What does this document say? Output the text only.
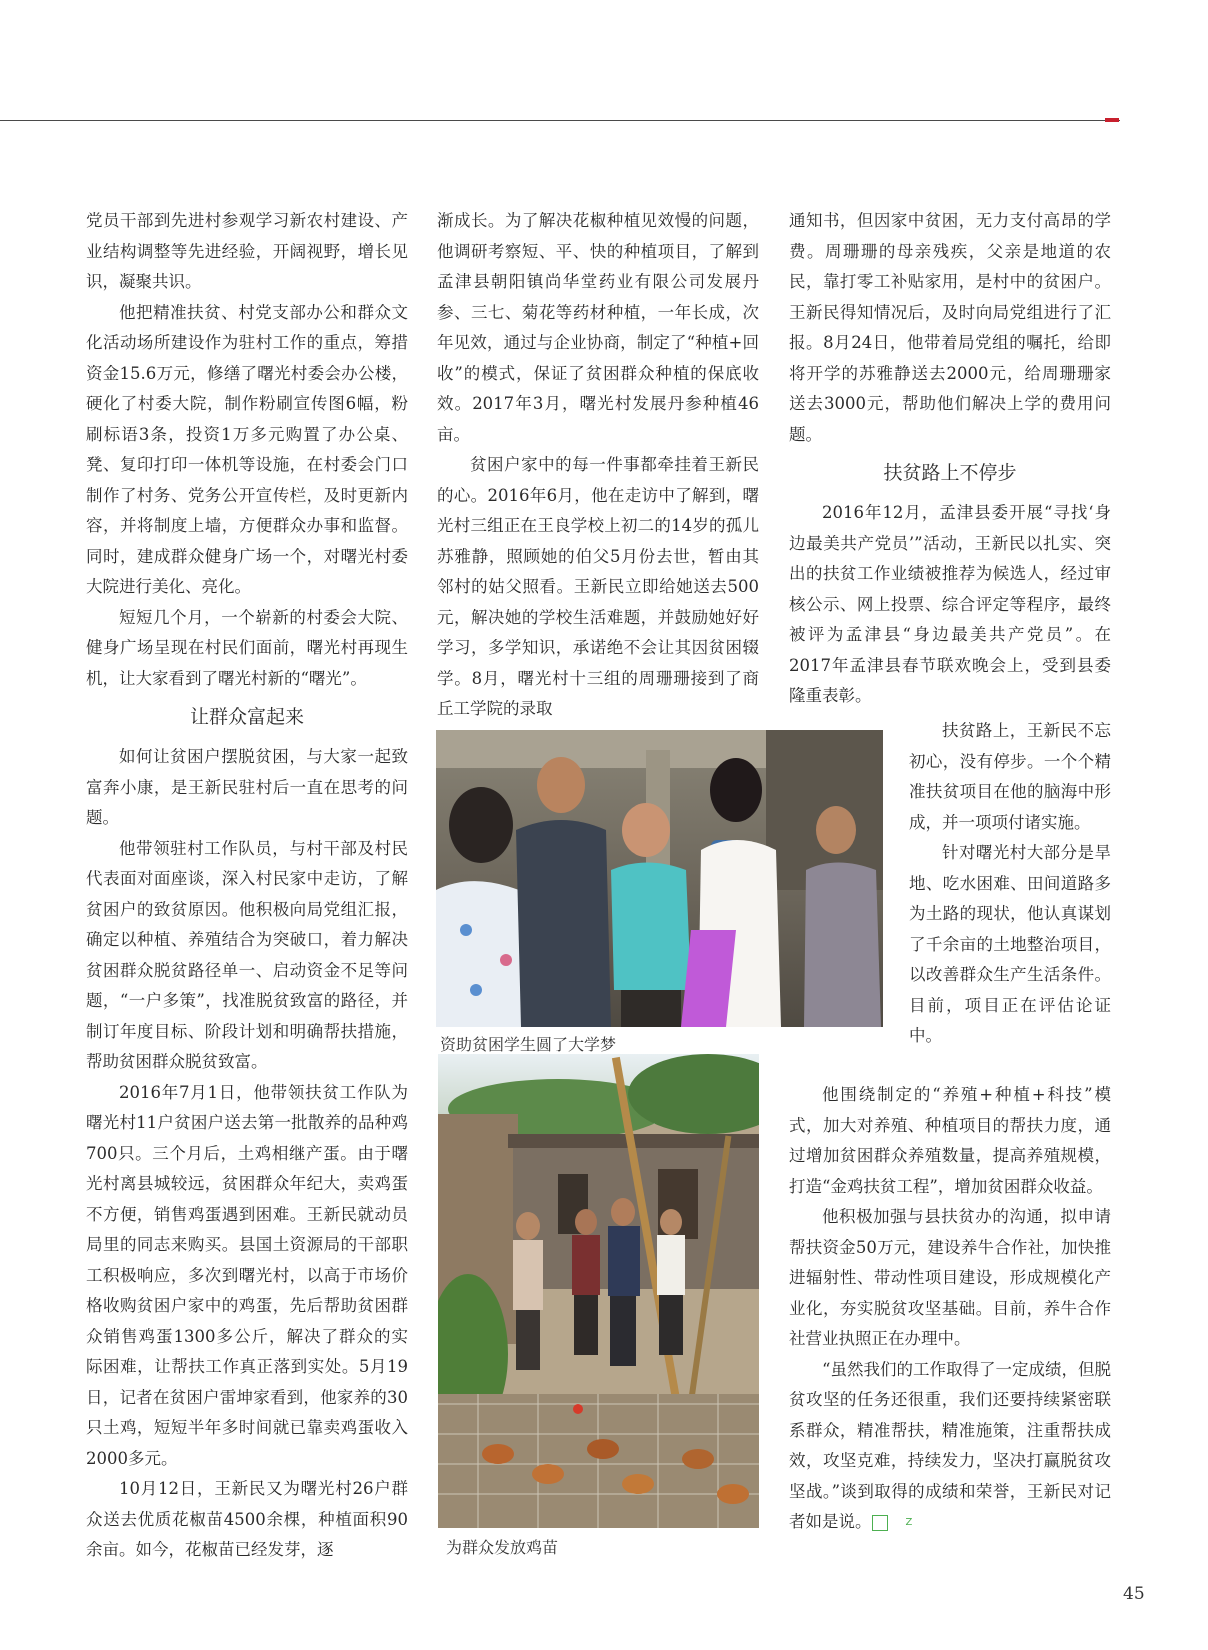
党员干部到先进村参观学习新农村建设、产业结构调整等先进经验，开阔视野，增长见识，凝聚共识。

他把精准扶贫、村党支部办公和群众文化活动场所建设作为驻村工作的重点，筹措资金15.6万元，修缮了曙光村委会办公楼，硬化了村委大院，制作粉刷宣传图6幅，粉刷标语3条，投资1万多元购置了办公桌、凳、复印打印一体机等设施，在村委会门口制作了村务、党务公开宣传栏，及时更新内容，并将制度上墙，方便群众办事和监督。同时，建成群众健身广场一个，对曙光村委大院进行美化、亮化。

短短几个月，一个崭新的村委会大院、健身广场呈现在村民们面前，曙光村再现生机，让大家看到了曙光村新的“曙光”。

让群众富起来

如何让贫困户摆脱贫困，与大家一起致富奔小康，是王新民驻村后一直在思考的问题。

他带领驻村工作队员，与村干部及村民代表面对面座谈，深入村民家中走访，了解贫困户的致贫原因。他积极向局党组汇报，确定以种植、养殖结合为突破口，着力解决贫困群众脱贫路径单一、启动资金不足等问题，“一户多策”，找准脱贫致富的路径，并制订年度目标、阶段计划和明确帮扶措施，帮助贫困群众脱贫致富。

2016年7月1日，他带领扶贫工作队为曙光村11户贫困户送去第一批散养的品种鸡700只。三个月后，土鸡相继产蛋。由于曙光村离县城较远，贫困群众年纪大，卖鸡蛋不方便，销售鸡蛋遇到困难。王新民就动员局里的同志来购买。县国土资源局的干部职工积极响应，多次到曙光村，以高于市场价格收购贫困户家中的鸡蛋，先后帮助贫困群众销售鸡蛋1300多公斤，解决了群众的实际困难，让帮扶工作真正落到实处。5月19日，记者在贫困户雷坤家看到，他家养的30只土鸡，短短半年多时间就已靠卖鸡蛋收入2000多元。

10月12日，王新民又为曙光村26户群众送去优质花椒苗4500余棵，种植面积90余亩。如今，花椒苗已经发芽，逐

渐成长。为了解决花椒种植见效慢的问题，他调研考察短、平、快的种植项目，了解到孟津县朝阳镇尚华堂药业有限公司发展丹参、三七、菊花等药材种植，一年长成，次年见效，通过与企业协商，制定了“种植+回收”的模式，保证了贫困群众种植的保底收效。2017年3月，曙光村发展丹参种植46亩。

贫困户家中的每一件事都牵挂着王新民的心。2016年6月，他在走访中了解到，曙光村三组正在王良学校上初二的14岁的孤儿苏雅静，照顾她的伯父5月份去世，暂由其邻村的姑父照看。王新民立即给她送去500元，解决她的学校生活难题，并鼓励她好好学习，多学知识，承诺绝不会让其因贫困辍学。8月，曙光村十三组的周珊珊接到了商丘工学院的录取

通知书，但因家中贫困，无力支付高昂的学费。周珊珊的母亲残疾，父亲是地道的农民，靠打零工补贴家用，是村中的贫困户。王新民得知情况后，及时向局党组进行了汇报。8月24日，他带着局党组的嘱托，给即将开学的苏雅静送去2000元，给周珊珊家送去3000元，帮助他们解决上学的费用问题。

扶贫路上不停步

2016年12月，孟津县委开展“寻找‘身边最美共产党员’”活动，王新民以扎实、突出的扶贫工作业绩被推荐为候选人，经过审核公示、网上投票、综合评定等程序，最终被评为孟津县“身边最美共产党员”。在2017年孟津县春节联欢晚会上，受到县委隆重表彰。

扶贫路上，王新民不忘初心，没有停步。一个个精准扶贫项目在他的脑海中形成，并一项项付诸实施。

针对曙光村大部分是旱地、吃水困难、田间道路多为土路的现状，他认真谋划了千余亩的土地整治项目，以改善群众生产生活条件。目前，项目正在评估论证中。

他围绕制定的“养殖+种植+科技”模式，加大对养殖、种植项目的帮扶力度，通过增加贫困群众养殖数量，提高养殖规模，打造“金鸡扶贫工程”，增加贫困群众收益。

他积极加强与县扶贫办的沟通，拟申请帮扶资金50万元，建设养牛合作社，加快推进辐射性、带动性项目建设，形成规模化产业化，夯实脱贫攻坚基础。目前，养牛合作社营业执照正在办理中。

“虽然我们的工作取得了一定成绩，但脱贫攻坚的任务还很重，我们还要持续紧密联系群众，精准帮扶，精准施策，注重帮扶成效，攻坚克难，持续发力，坚决打赢脱贫攻坚战。”谈到取得的成绩和荣誉，王新民对记者如是说。	Z

资助贫困学生圆了大学梦
为群众发放鸡苗
45
